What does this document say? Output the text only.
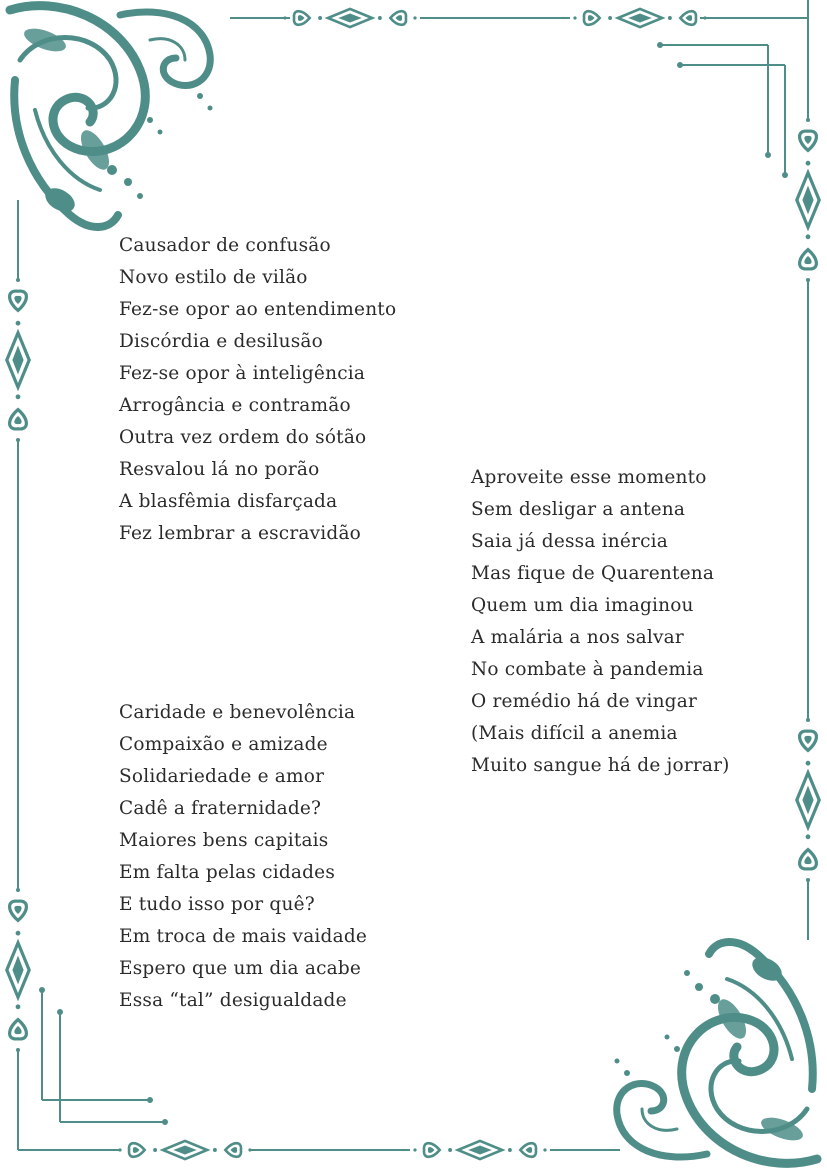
Causador de confusão
Novo estilo de vilão
Fez-se opor ao entendimento
Discórdia e desilusão
Fez-se opor à inteligência
Arrogância e contramão
Outra vez ordem do sótão
Resvalou lá no porão
A blasfêmia disfarçada
Fez lembrar a escravidão
Caridade e benevolência
Compaixão e amizade
Solidariedade e amor
Cadê a fraternidade?
Maiores bens capitais
Em falta pelas cidades
E tudo isso por quê?
Em troca de mais vaidade
Espero que um dia acabe
Essa “tal” desigualdade
Aproveite esse momento
Sem desligar a antena
Saia já dessa inércia
Mas fique de Quarentena
Quem um dia imaginou
A malária a nos salvar
No combate à pandemia
O remédio há de vingar
(Mais difícil a anemia
Muito sangue há de jorrar)
